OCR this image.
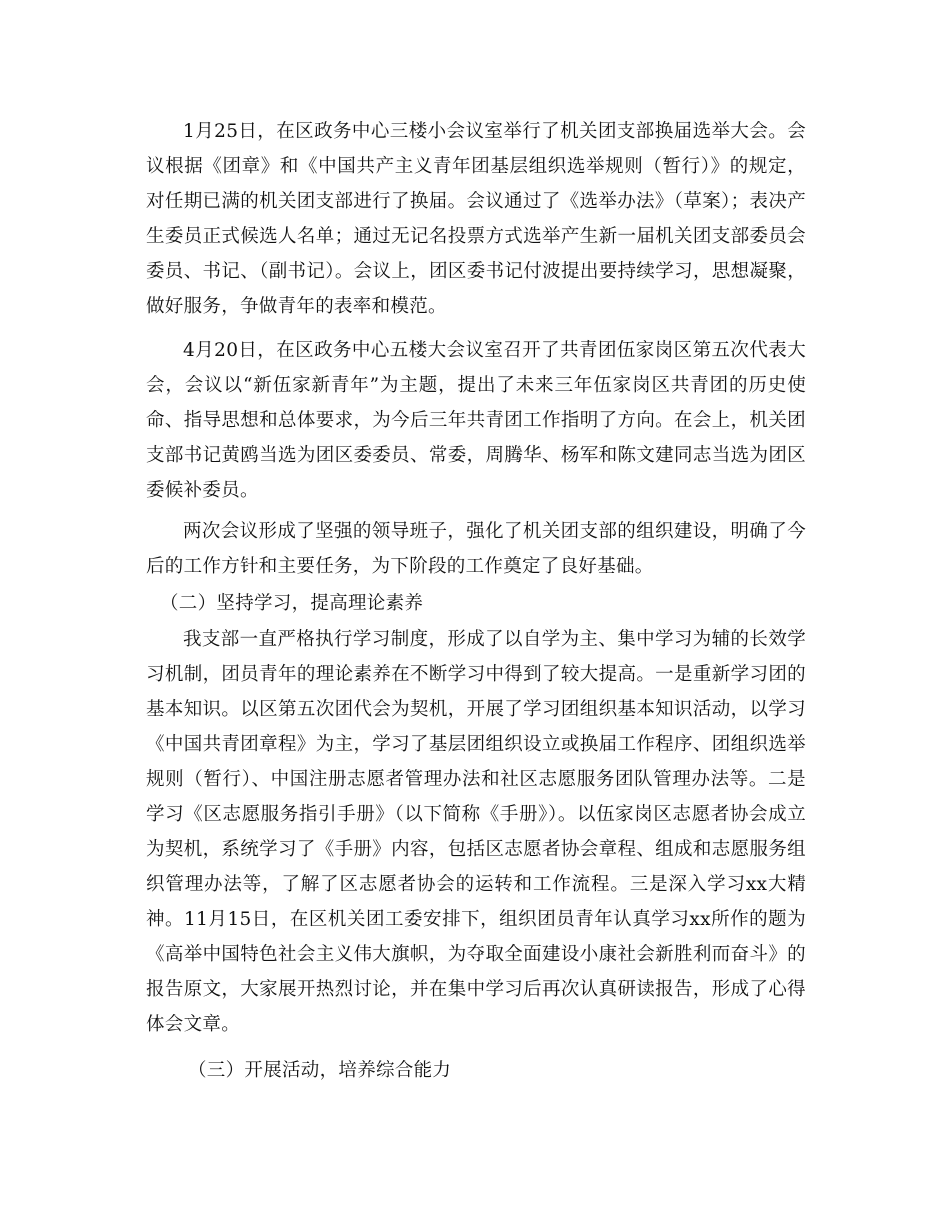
1月25日，在区政务中心三楼小会议室举行了机关团支部换届选举大会。会议根据《团章》和《中国共产主义青年团基层组织选举规则（暂行）》的规定，对任期已满的机关团支部进行了换届。会议通过了《选举办法》（草案）；表决产生委员正式候选人名单；通过无记名投票方式选举产生新一届机关团支部委员会委员、书记、（副书记）。会议上，团区委书记付波提出要持续学习，思想凝聚，做好服务，争做青年的表率和模范。

4月20日，在区政务中心五楼大会议室召开了共青团伍家岗区第五次代表大会，会议以“新伍家新青年”为主题，提出了未来三年伍家岗区共青团的历史使命、指导思想和总体要求，为今后三年共青团工作指明了方向。在会上，机关团支部书记黄鸥当选为团区委委员、常委，周腾华、杨军和陈文建同志当选为团区委候补委员。

两次会议形成了坚强的领导班子，强化了机关团支部的组织建设，明确了今后的工作方针和主要任务，为下阶段的工作奠定了良好基础。

（二）坚持学习，提高理论素养

我支部一直严格执行学习制度，形成了以自学为主、集中学习为辅的长效学习机制，团员青年的理论素养在不断学习中得到了较大提高。一是重新学习团的基本知识。以区第五次团代会为契机，开展了学习团组织基本知识活动，以学习《中国共青团章程》为主，学习了基层团组织设立或换届工作程序、团组织选举规则（暂行）、中国注册志愿者管理办法和社区志愿服务团队管理办法等。二是学习《区志愿服务指引手册》（以下简称《手册》）。以伍家岗区志愿者协会成立为契机，系统学习了《手册》内容，包括区志愿者协会章程、组成和志愿服务组织管理办法等，了解了区志愿者协会的运转和工作流程。三是深入学习xx大精神。11月15日，在区机关团工委安排下，组织团员青年认真学习xx所作的题为《高举中国特色社会主义伟大旗帜，为夺取全面建设小康社会新胜利而奋斗》的报告原文，大家展开热烈讨论，并在集中学习后再次认真研读报告，形成了心得体会文章。

（三）开展活动，培养综合能力
